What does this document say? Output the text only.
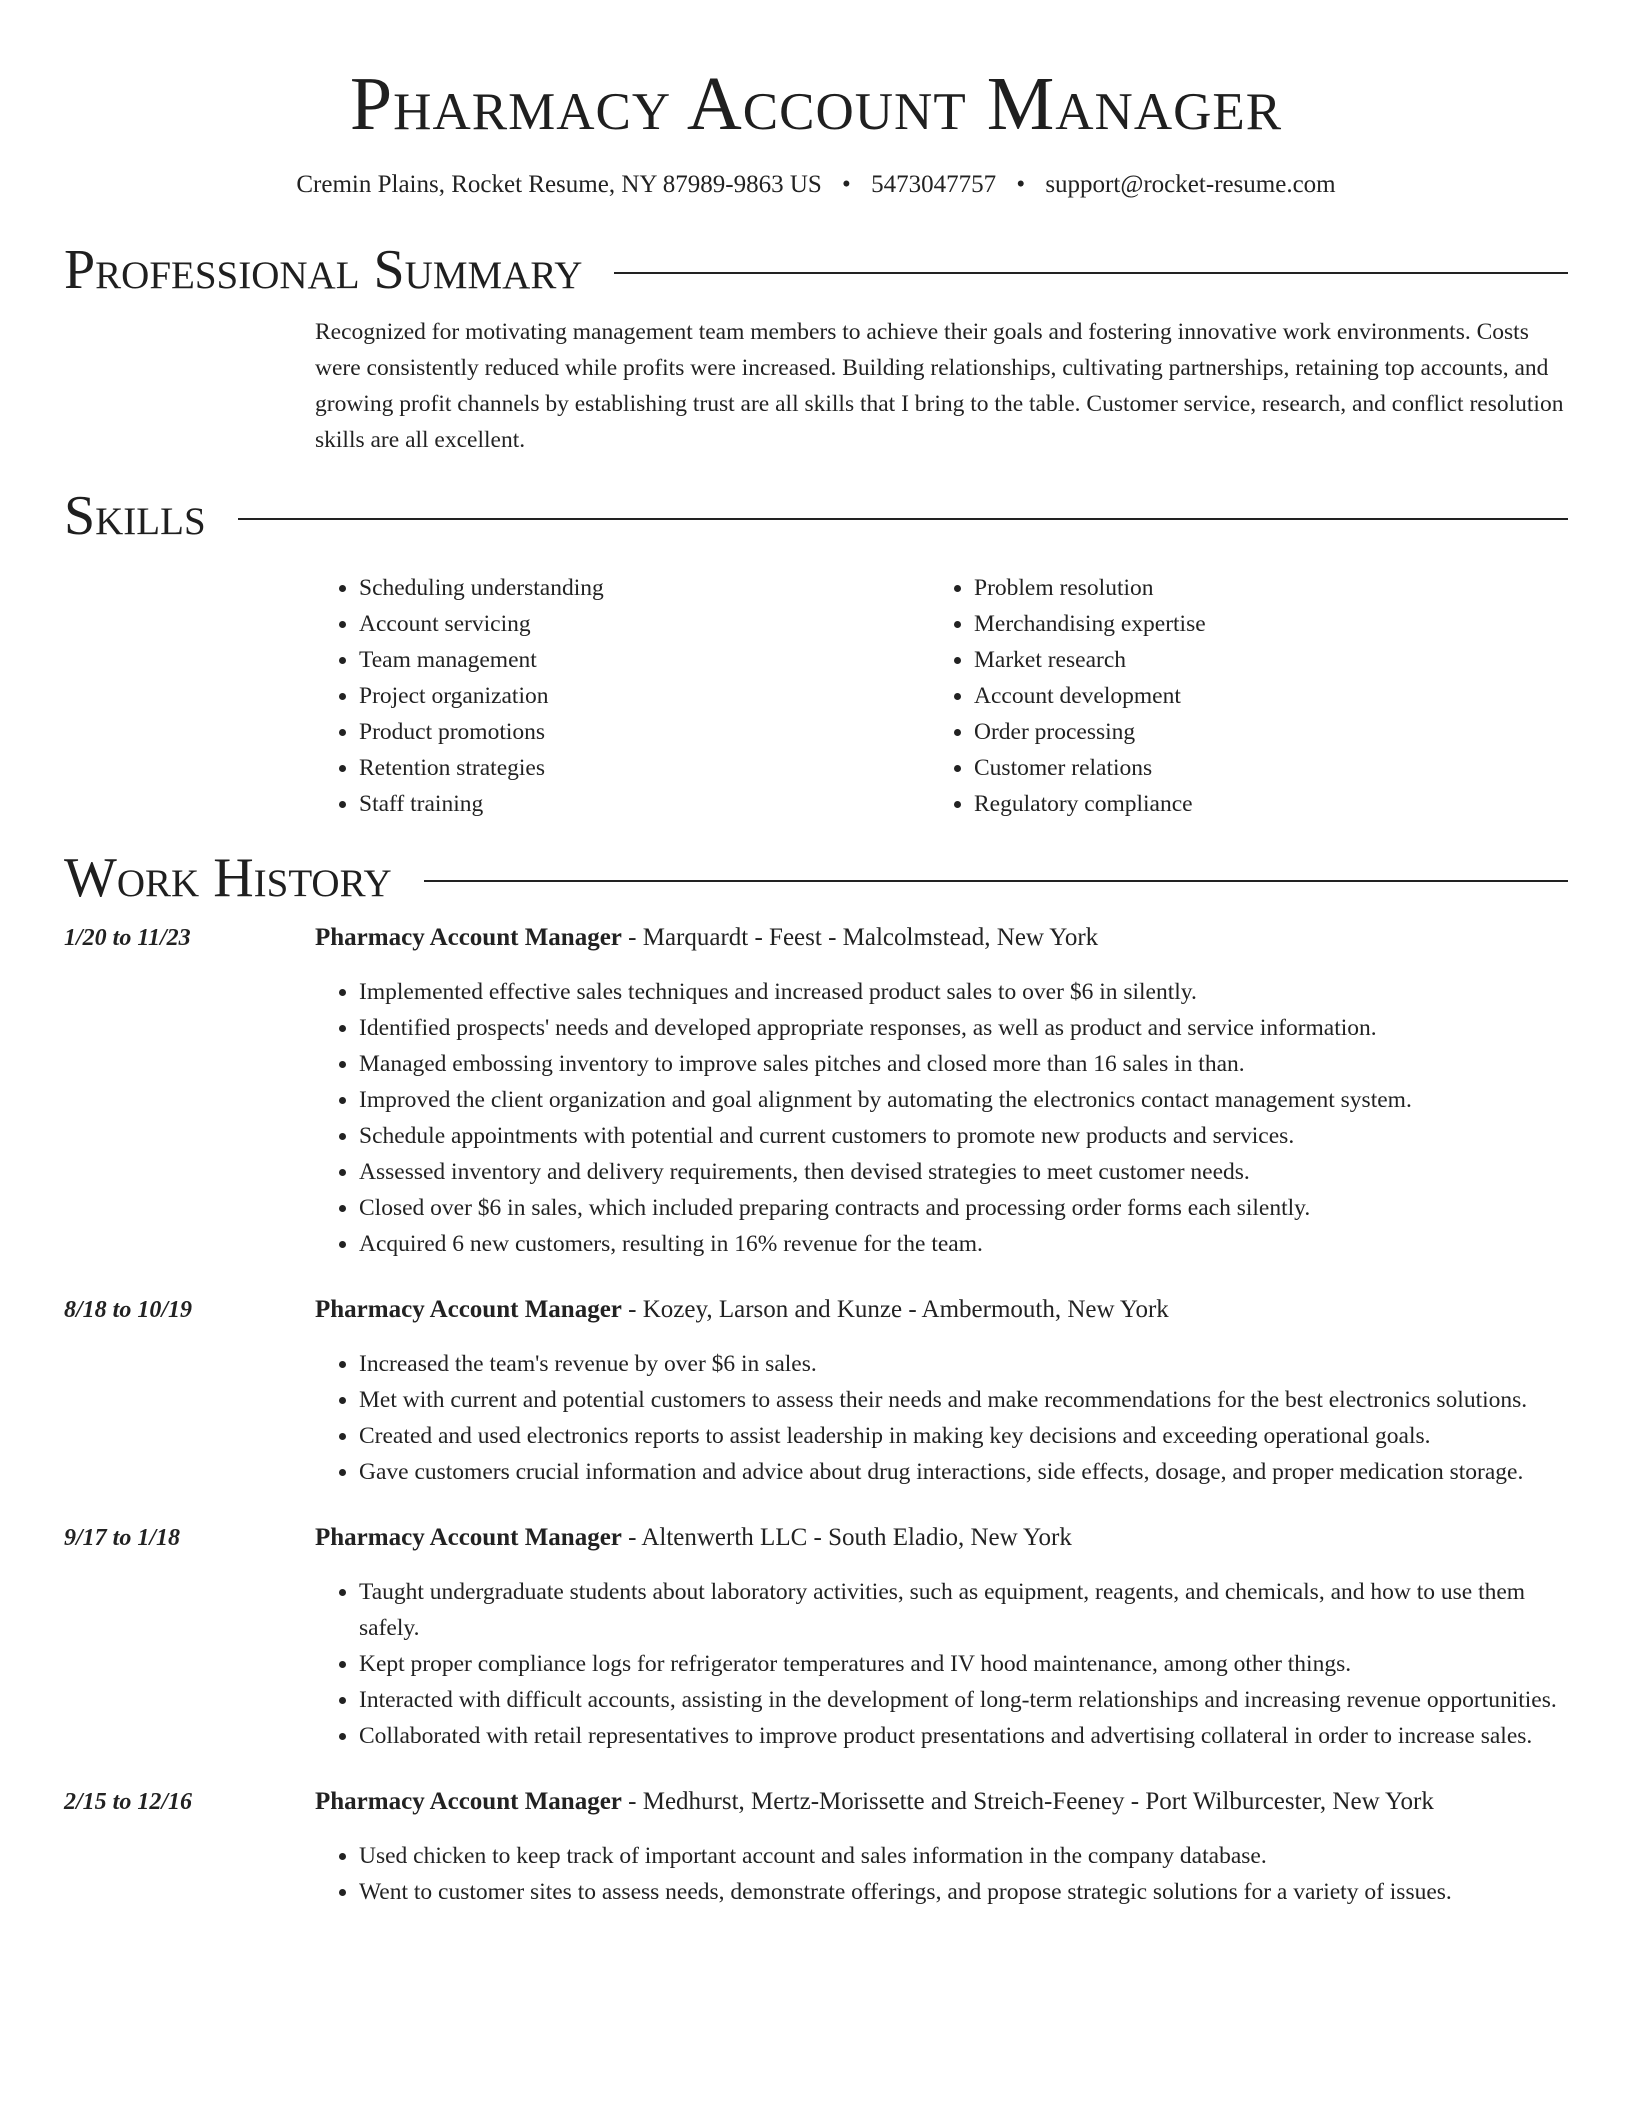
Pharmacy Account Manager
Cremin Plains, Rocket Resume, NY 87989-9863 US • 5473047757 • support@rocket-resume.com
Professional Summary

Recognized for motivating management team members to achieve their goals and fostering innovative work environments. Costs were consistently reduced while profits were increased. Building relationships, cultivating partnerships, retaining top accounts, and growing profit channels by establishing trust are all skills that I bring to the table. Customer service, research, and conflict resolution skills are all excellent.

Skills
• Scheduling understanding
• Account servicing
• Team management
• Project organization
• Product promotions
• Retention strategies
• Staff training
• Problem resolution
• Merchandising expertise
• Market research
• Account development
• Order processing
• Customer relations
• Regulatory compliance
Work History
1/20 to 11/23	Pharmacy Account Manager - Marquardt - Feest - Malcolmstead, New York
• Implemented effective sales techniques and increased product sales to over $6 in silently.
• Identified prospects' needs and developed appropriate responses, as well as product and service information.
• Managed embossing inventory to improve sales pitches and closed more than 16 sales in than.
• Improved the client organization and goal alignment by automating the electronics contact management system.
• Schedule appointments with potential and current customers to promote new products and services.
• Assessed inventory and delivery requirements, then devised strategies to meet customer needs.
• Closed over $6 in sales, which included preparing contracts and processing order forms each silently.
• Acquired 6 new customers, resulting in 16% revenue for the team.
8/18 to 10/19	Pharmacy Account Manager - Kozey, Larson and Kunze - Ambermouth, New York
• Increased the team's revenue by over $6 in sales.
• Met with current and potential customers to assess their needs and make recommendations for the best electronics solutions.
• Created and used electronics reports to assist leadership in making key decisions and exceeding operational goals.
• Gave customers crucial information and advice about drug interactions, side effects, dosage, and proper medication storage.
9/17 to 1/18	Pharmacy Account Manager - Altenwerth LLC - South Eladio, New York
• Taught undergraduate students about laboratory activities, such as equipment, reagents, and chemicals, and how to use them safely.
• Kept proper compliance logs for refrigerator temperatures and IV hood maintenance, among other things.
• Interacted with difficult accounts, assisting in the development of long-term relationships and increasing revenue opportunities.
• Collaborated with retail representatives to improve product presentations and advertising collateral in order to increase sales.
2/15 to 12/16	Pharmacy Account Manager - Medhurst, Mertz-Morissette and Streich-Feeney - Port Wilburcester, New York
• Used chicken to keep track of important account and sales information in the company database.
• Went to customer sites to assess needs, demonstrate offerings, and propose strategic solutions for a variety of issues.
